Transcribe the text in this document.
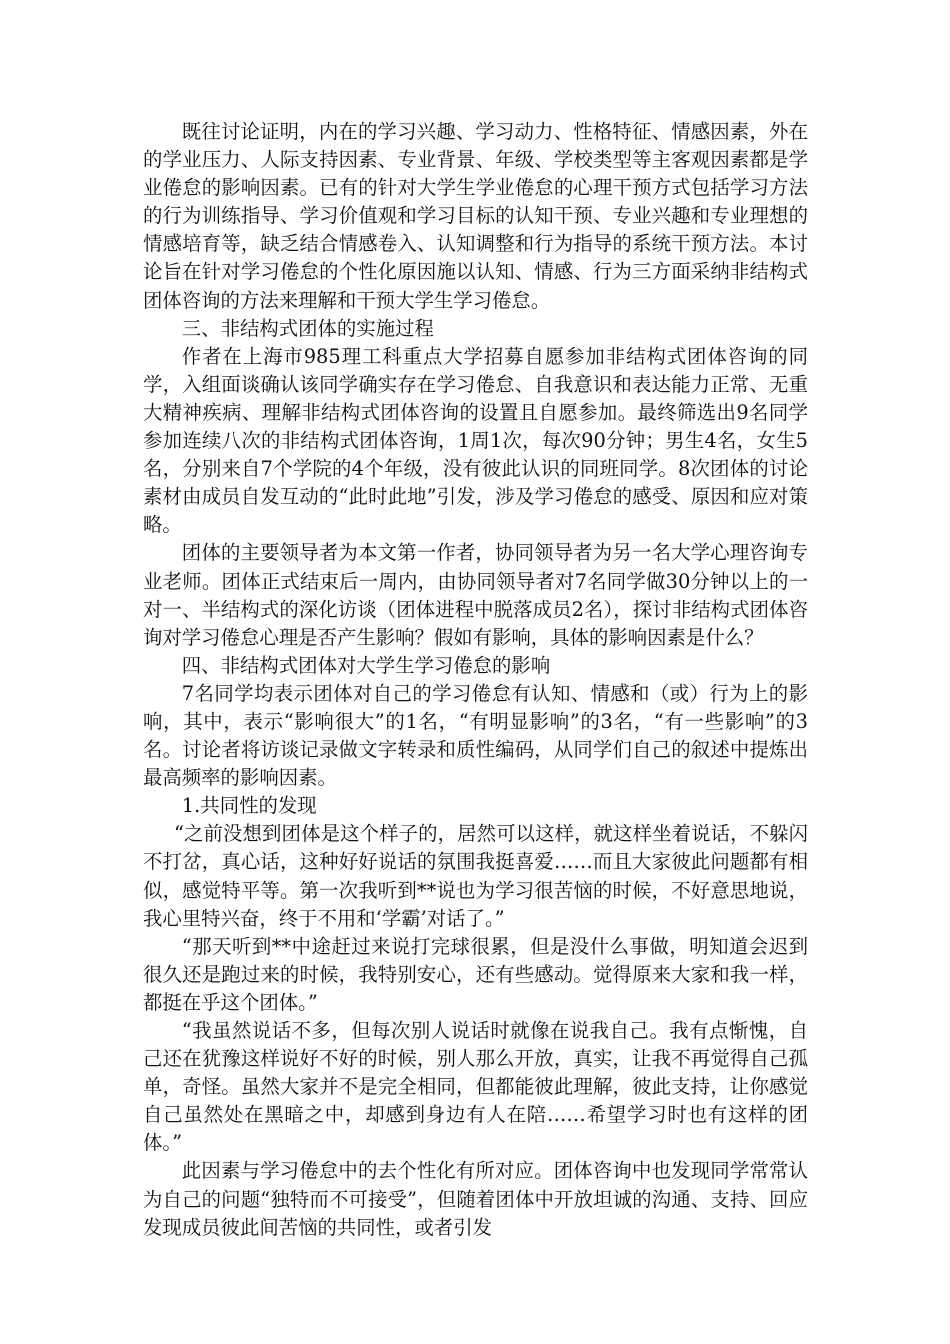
既往讨论证明，内在的学习兴趣、学习动力、性格特征、情感因素，外在的学业压力、人际支持因素、专业背景、年级、学校类型等主客观因素都是学业倦怠的影响因素。已有的针对大学生学业倦怠的心理干预方式包括学习方法的行为训练指导、学习价值观和学习目标的认知干预、专业兴趣和专业理想的情感培育等，缺乏结合情感卷入、认知调整和行为指导的系统干预方法。本讨论旨在针对学习倦怠的个性化原因施以认知、情感、行为三方面采纳非结构式团体咨询的方法来理解和干预大学生学习倦怠。

三、非结构式团体的实施过程

作者在上海市985理工科重点大学招募自愿参加非结构式团体咨询的同学，入组面谈确认该同学确实存在学习倦怠、自我意识和表达能力正常、无重大精神疾病、理解非结构式团体咨询的设置且自愿参加。最终筛选出9名同学参加连续八次的非结构式团体咨询，1周1次，每次90分钟；男生4名，女生5名，分别来自7个学院的4个年级，没有彼此认识的同班同学。8次团体的讨论素材由成员自发互动的“此时此地”引发，涉及学习倦怠的感受、原因和应对策略。

团体的主要领导者为本文第一作者，协同领导者为另一名大学心理咨询专业老师。团体正式结束后一周内，由协同领导者对7名同学做30分钟以上的一对一、半结构式的深化访谈（团体进程中脱落成员2名），探讨非结构式团体咨询对学习倦怠心理是否产生影响？假如有影响，具体的影响因素是什么？

四、非结构式团体对大学生学习倦怠的影响

7名同学均表示团体对自己的学习倦怠有认知、情感和（或）行为上的影响，其中，表示“影响很大”的1名，“有明显影响”的3名，“有一些影响”的3名。讨论者将访谈记录做文字转录和质性编码，从同学们自己的叙述中提炼出最高频率的影响因素。

1.共同性的发现

“之前没想到团体是这个样子的，居然可以这样，就这样坐着说话，不躲闪不打岔，真心话，这种好好说话的氛围我挺喜爱……而且大家彼此问题都有相似，感觉特平等。第一次我听到**说也为学习很苦恼的时候，不好意思地说，我心里特兴奋，终于不用和‘学霸’对话了。”

“那天听到**中途赶过来说打完球很累，但是没什么事做，明知道会迟到很久还是跑过来的时候，我特别安心，还有些感动。觉得原来大家和我一样，都挺在乎这个团体。”

“我虽然说话不多，但每次别人说话时就像在说我自己。我有点惭愧，自己还在犹豫这样说好不好的时候，别人那么开放，真实，让我不再觉得自己孤单，奇怪。虽然大家并不是完全相同，但都能彼此理解，彼此支持，让你感觉自己虽然处在黑暗之中，却感到身边有人在陪……希望学习时也有这样的团体。”

此因素与学习倦怠中的去个性化有所对应。团体咨询中也发现同学常常认为自己的问题“独特而不可接受”，但随着团体中开放坦诚的沟通、支持、回应发现成员彼此间苦恼的共同性，或者引发
